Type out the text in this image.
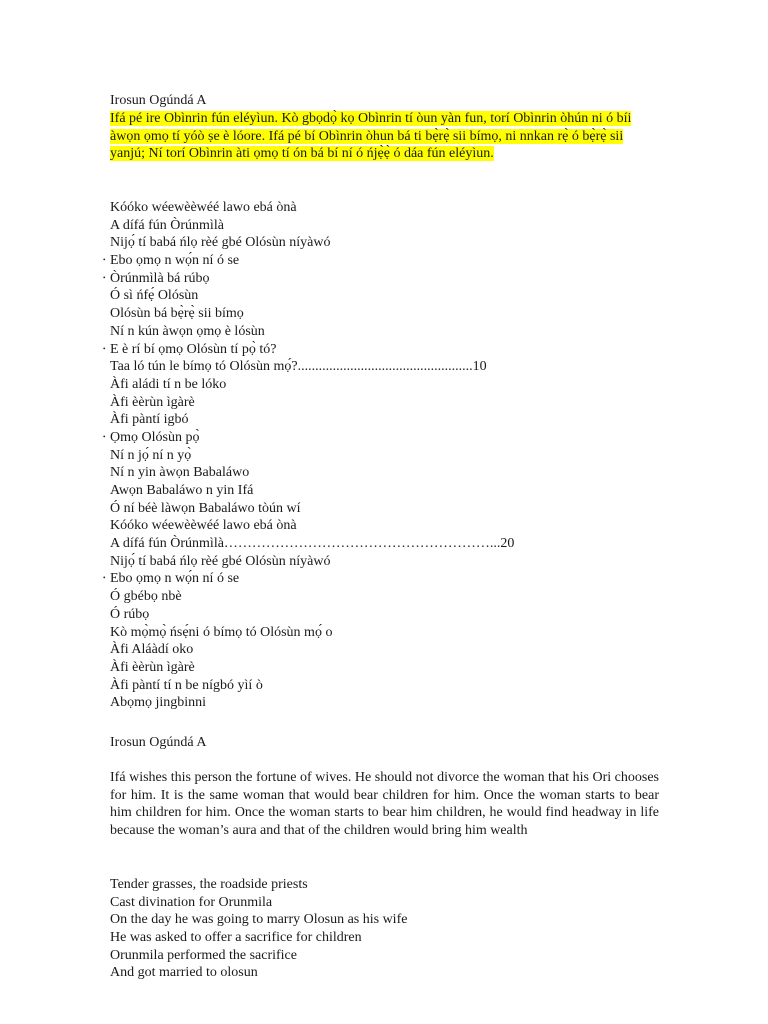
Irosun Ogúndá A
Ifá pé ire Obìnrin fún eléyìun. Kò gbọdọ̀ kọ Obìnrin tí òun yàn fun, torí Obìnrin òhún ni ó bíi àwọn ọmọ tí yóò ṣe è lóore. Ifá pé bí Obìnrin òhun bá ti bẹ̀rẹ̀ sii bímọ, ni nnkan rẹ̀ ó bẹ̀rẹ̀ sii yanjú; Ní torí Obìnrin àti ọmọ tí ón bá bí ní ó ńjẹ̀ẹ̀ ó dáa fún eléyìun.
Kóóko wéewèèwéé lawo ebá ònà
A dífá fún Òrúnmìlà
Nijọ́ tí babá ńlọ rèé gbé Olósùn níyàwó
• Ebo ọmọ n wọ́n ní ó se
• Òrúnmìlà bá rúbọ
Ó sì ńfẹ́ Olósùn
Olósùn bá bẹ̀rẹ̀ sii bímọ
Ní n kún àwọn ọmọ è lósùn
• E è rí bí ọmọ Olósùn tí pọ̀ tó?
Taa ló tún le bímọ tó Olósùn mọ́?..................................................10
Àfi aládi tí n be lóko
Àfi èèrùn ìgàrè
Àfi pàntí igbó
• Ọmọ Olósùn pọ̀
Ní n jọ́ ní n yọ̀
Ní n yin àwọn Babaláwo
Awọn Babaláwo n yin Ifá
Ó ní béè làwọn Babaláwo tòún wí
Kóóko wéewèèwéé lawo ebá ònà
A dífá fún Òrúnmìlà…………………………………………………...20
Nijọ́ tí babá ńlọ rèé gbé Olósùn níyàwó
• Ebo ọmọ n wọ́n ní ó se
Ó gbébọ nbè
Ó rúbọ
Kò mọ̀mọ̀ ńsẹ́ni ó bímọ tó Olósùn mọ́ o
Àfi Aláàdí oko
Àfi èèrùn ìgàrè
Àfi pàntí tí n be nígbó yìí ò
Abọmọ jingbinni
Irosun Ogúndá A
Ifá wishes this person the fortune of wives. He should not divorce the woman that his Ori chooses for him. It is the same woman that would bear children for him. Once the woman starts to bear him children for him. Once the woman starts to bear him children, he would find headway in life because the woman’s aura and that of the children would bring him wealth
Tender grasses, the roadside priests
Cast divination for Orunmila
On the day he was going to marry Olosun as his wife
He was asked to offer a sacrifice for children
Orunmila performed the sacrifice
And got married to olosun
